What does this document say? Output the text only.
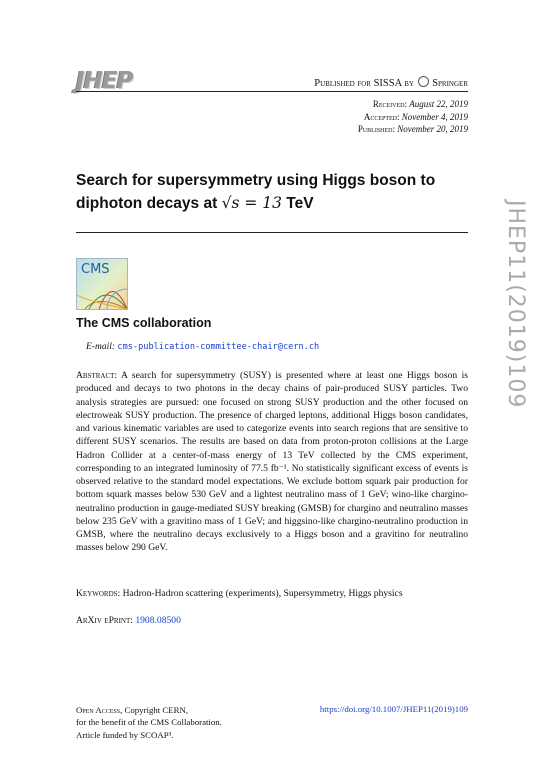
JHEP	Published for SISSA by Springer
Received: August 22, 2019
Accepted: November 4, 2019
Published: November 20, 2019
Search for supersymmetry using Higgs boson to
diphoton decays at √s = 13 TeV	JHEP11(2019)109
CMS
The CMS collaboration
E-mail: cms-publication-committee-chair@cern.ch
Abstract: A search for supersymmetry (SUSY) is presented where at least one Higgs boson is produced and decays to two photons in the decay chains of pair-produced SUSY particles. Two analysis strategies are pursued: one focused on strong SUSY production and the other focused on electroweak SUSY production. The presence of charged leptons, additional Higgs boson candidates, and various kinematic variables are used to categorize events into search regions that are sensitive to different SUSY scenarios. The results are based on data from proton-proton collisions at the Large Hadron Collider at a center-of-mass energy of 13 TeV collected by the CMS experiment, corresponding to an integrated luminosity of 77.5 fb⁻¹. No statistically significant excess of events is observed relative to the standard model expectations. We exclude bottom squark pair production for bottom squark masses below 530 GeV and a lightest neutralino mass of 1 GeV; wino-like chargino-neutralino production in gauge-mediated SUSY breaking (GMSB) for chargino and neutralino masses below 235 GeV with a gravitino mass of 1 GeV; and higgsino-like chargino-neutralino production in GMSB, where the neutralino decays exclusively to a Higgs boson and a gravitino for neutralino masses below 290 GeV.
Keywords: Hadron-Hadron scattering (experiments), Supersymmetry, Higgs physics
ArXiv ePrint: 1908.08500
Open Access, Copyright CERN,
for the benefit of the CMS Collaboration.
Article funded by SCOAP³.
https://doi.org/10.1007/JHEP11(2019)109
